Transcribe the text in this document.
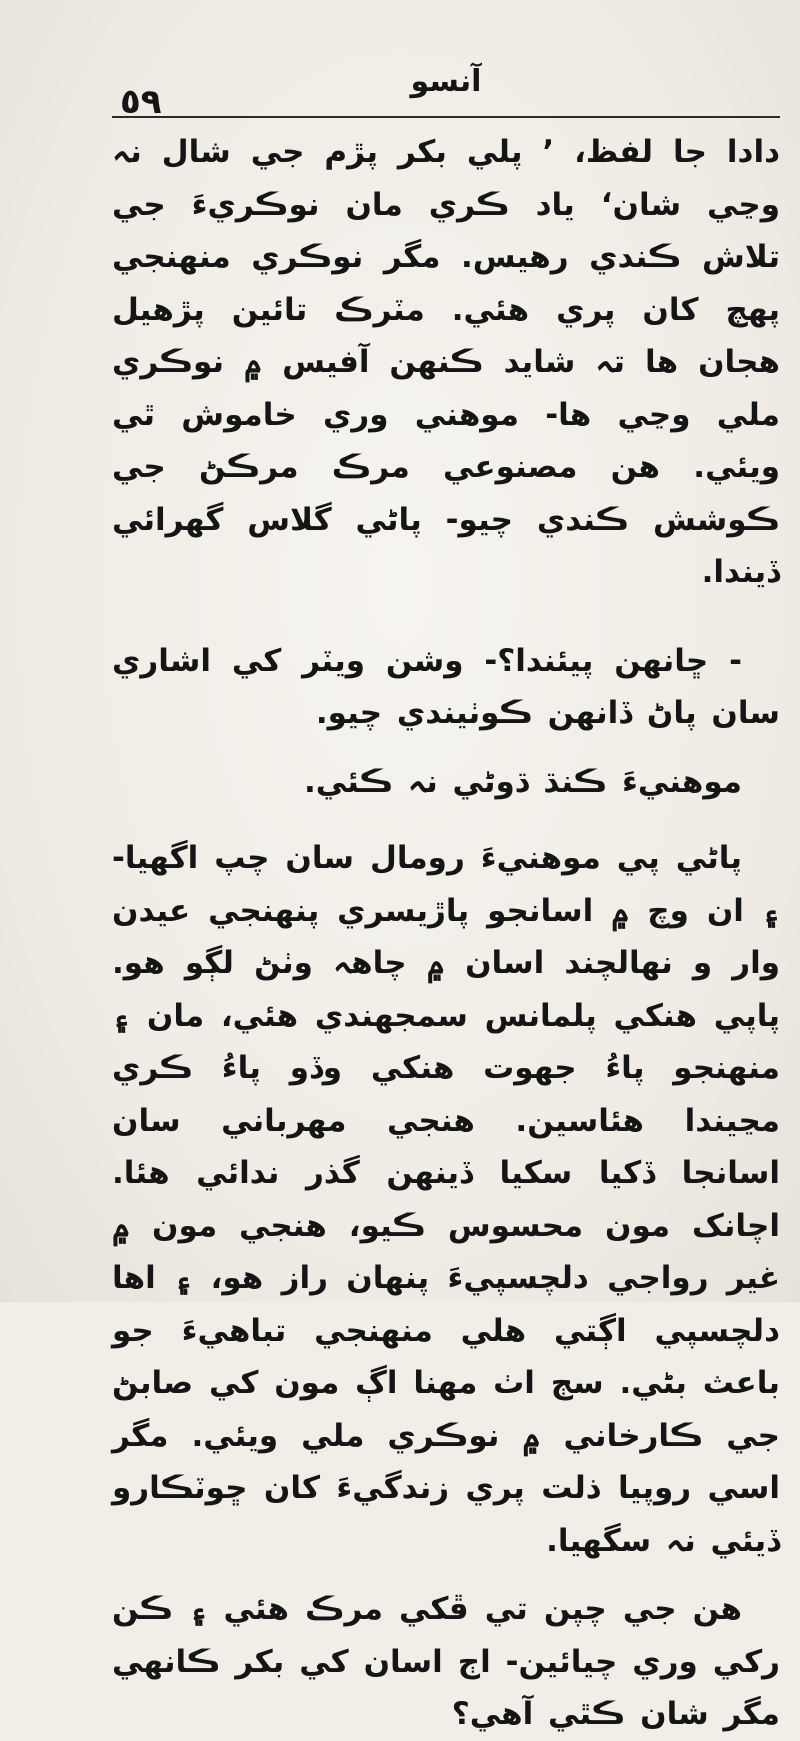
٥٩
آنسو

دادا جا لفظ، ’ پلي بکر پڙم جي شال نہ وڃي شان‘ ياد ڪري مان نوڪريءَ جي تلاش ڪندي رهيس. مگر نوڪري منهنجي پهچ کان پري هئي. مٽرڪ تائين پڙهيل هجان ها تہ شايد ڪنهن آفيس ۾ نوڪري ملي وڃي ها- موهني وري خاموش ٿي ويئي. هن مصنوعي مرڪ مرڪڻ جي ڪوشش ڪندي چيو- پاڻي گلاس گهرائي ڏيندا.

- ڇانهن پيئندا؟- وشن ويٽر کي اشاري سان پاڻ ڏانهن ڪوٺيندي چيو.

موهنيءَ ڪنڌ ڌوڻي نہ ڪئي.

پاڻي پي موهنيءَ رومال سان چپ اگهيا- ۽ ان وچ ۾ اسانجو پاڙيسري پنهنجي عيدن وار و نهالچند اسان ۾ چاهہ وٺڻ لڳو هو. پاپي هنکي پلمانس سمجهندي هئي، مان ۽ منهنجو پاءُ جهوت هنکي وڏو پاءُ ڪري مڃيندا هئاسين. هنجي مهرباني سان اسانجا ڏکيا سکيا ڏينهن گذر ندائي هئا. اچانک مون محسوس ڪيو، هنجي مون ۾ غير رواجي دلچسپيءَ پنهان راز هو، ۽ اها دلچسپي اڳتي هلي منهنجي تباهيءَ جو باعث بڻي. سڄ اٺ مهنا اڳ مون کي صابڻ جي ڪارخاني ۾ نوڪري ملي ويئي. مگر اسي روپيا ذلت پري زندگيءَ کان ڇوٽڪارو ڏيئي نہ سگهيا.

هن جي چپن تي ڦکي مرڪ هئي ۽ ڪن رکي وري چيائين- اڄ اسان کي بکر ڪانهي مگر شان ڪٿي آهي؟
